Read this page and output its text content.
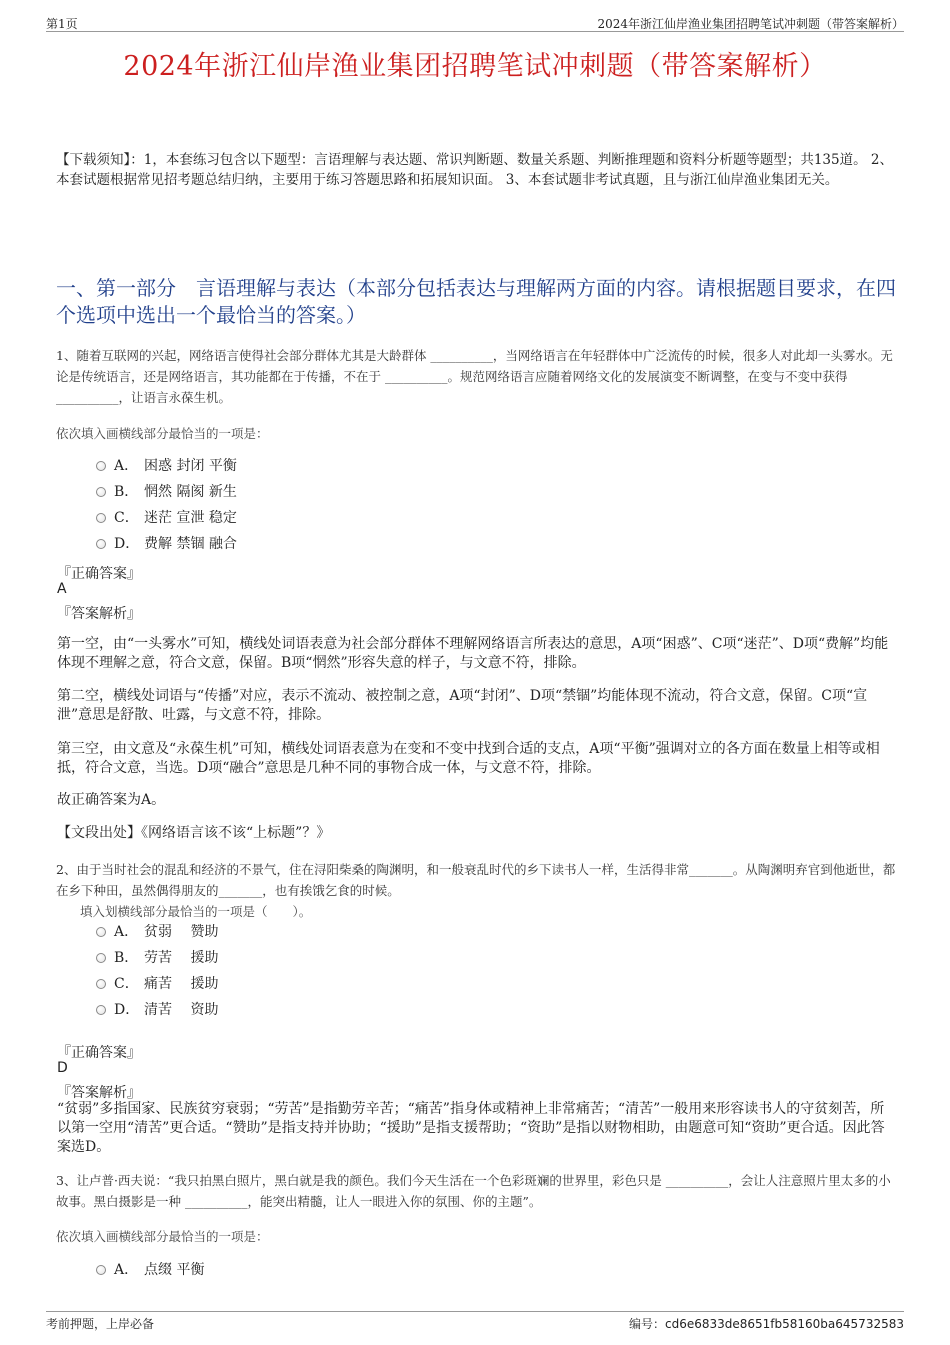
第1页	2024年浙江仙岸渔业集团招聘笔试冲刺题（带答案解析）
2024年浙江仙岸渔业集团招聘笔试冲刺题（带答案解析）

【下载须知】：1，本套练习包含以下题型：言语理解与表达题、常识判断题、数量关系题、判断推理题和资料分析题等题型；共135道。 2、本套试题根据常见招考题总结归纳，主要用于练习答题思路和拓展知识面。 3、本套试题非考试真题，且与浙江仙岸渔业集团无关。

一、第一部分　言语理解与表达（本部分包括表达与理解两方面的内容。请根据题目要求，在四个选项中选出一个最恰当的答案。）

1、随着互联网的兴起，网络语言使得社会部分群体尤其是大龄群体 __________，当网络语言在年轻群体中广泛流传的时候，很多人对此却一头雾水。无论是传统语言，还是网络语言，其功能都在于传播，不在于 __________。规范网络语言应随着网络文化的发展演变不断调整，在变与不变中获得 __________，让语言永葆生机。

依次填入画横线部分最恰当的一项是：

A． 困惑 封闭 平衡
B． 惘然 隔阂 新生
C． 迷茫 宣泄 稳定
D． 费解 禁锢 融合
『正确答案』
A
『答案解析』

第一空，由“一头雾水”可知，横线处词语表意为社会部分群体不理解网络语言所表达的意思，A项“困惑”、C项“迷茫”、D项“费解”均能体现不理解之意，符合文意，保留。B项“惘然”形容失意的样子，与文意不符，排除。

第二空，横线处词语与“传播”对应，表示不流动、被控制之意，A项“封闭”、D项“禁锢”均能体现不流动，符合文意，保留。C项“宣泄”意思是舒散、吐露，与文意不符，排除。

第三空，由文意及“永葆生机”可知，横线处词语表意为在变和不变中找到合适的支点，A项“平衡”强调对立的各方面在数量上相等或相抵，符合文意，当选。D项“融合”意思是几种不同的事物合成一体，与文意不符，排除。

故正确答案为A。

【文段出处】《网络语言该不该“上标题”？》

2、由于当时社会的混乱和经济的不景气，住在浔阳柴桑的陶渊明，和一般衰乱时代的乡下读书人一样，生活得非常_______。从陶渊明弃官到他逝世，都在乡下种田，虽然偶得朋友的_______，也有挨饿乞食的时候。

填入划横线部分最恰当的一项是（　　）。

A． 贫弱　 赞助
B． 劳苦　 援助
C． 痛苦　 援助
D． 清苦　 资助
『正确答案』
D
『答案解析』

“贫弱”多指国家、民族贫穷衰弱；“劳苦”是指勤劳辛苦；“痛苦”指身体或精神上非常痛苦；“清苦”一般用来形容读书人的守贫刻苦，所以第一空用“清苦”更合适。“赞助”是指支持并协助；“援助”是指支援帮助；“资助”是指以财物相助，由题意可知“资助”更合适。因此答案选D。

3、让卢普·西夫说：“我只拍黑白照片，黑白就是我的颜色。我们今天生活在一个色彩斑斓的世界里，彩色只是 __________，会让人注意照片里太多的小故事。黑白摄影是一种 __________，能突出精髓，让人一眼进入你的氛围、你的主题”。

依次填入画横线部分最恰当的一项是：

A． 点缀 平衡
考前押题，上岸必备	编号：cd6e6833de8651fb58160ba645732583
